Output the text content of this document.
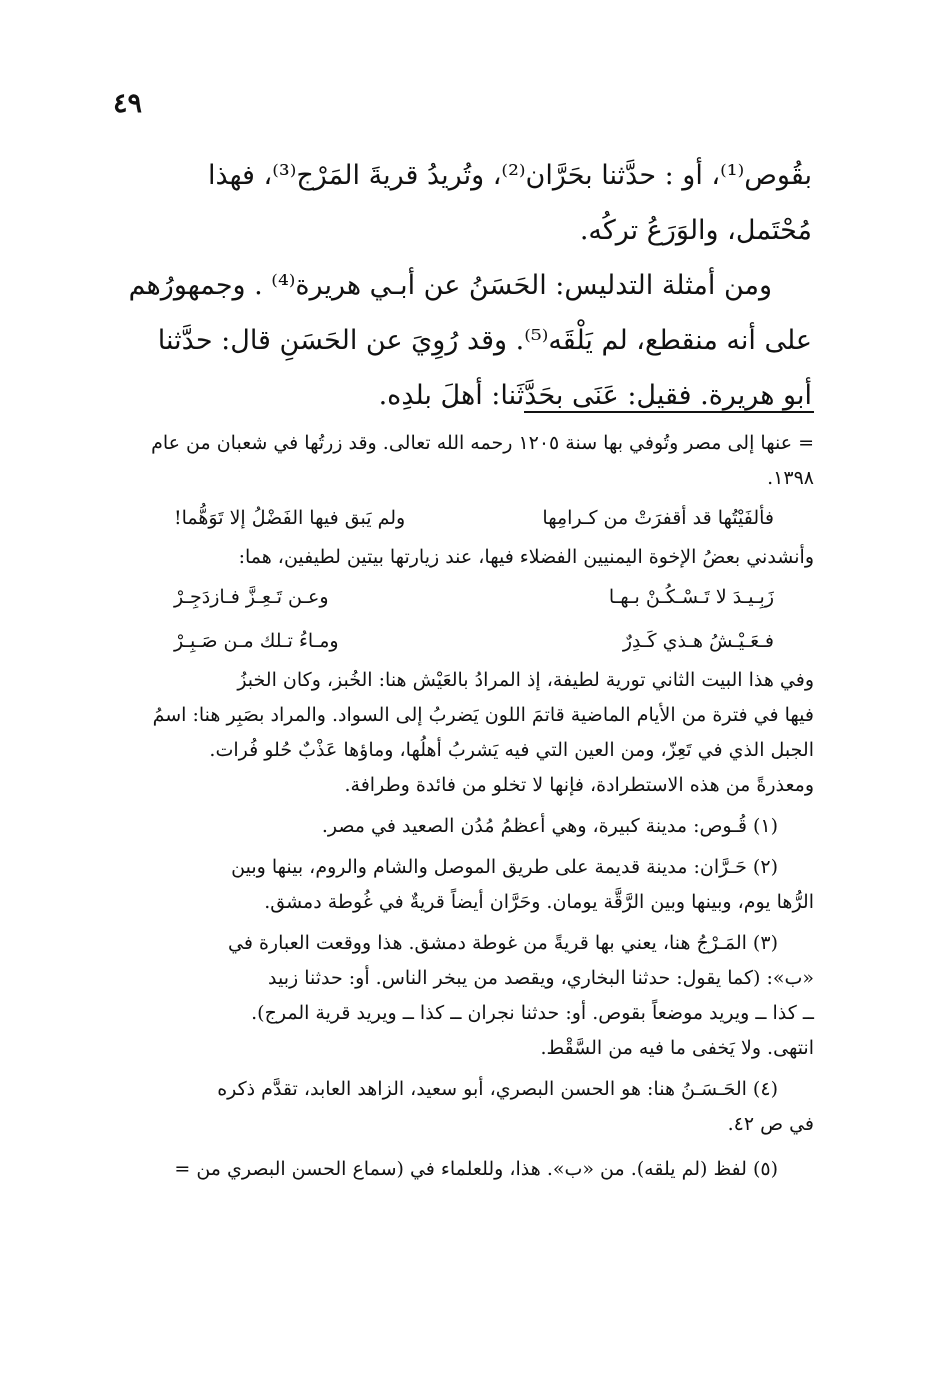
٤٩

بقُوص⁽¹⁾، أو : حدَّثنا بحَرَّان⁽²⁾، وتُريدُ قريةَ المَرْج⁽³⁾، فهذا

مُحْتَمل، والوَرَعُ تركُه.

ومن أمثلة التدليس: الحَسَنُ عن أبـي هريرة⁽⁴⁾ . وجمهورُهم

على أنه منقطع، لم يَلْقَه⁽⁵⁾. وقد رُوِيَ عن الحَسَنِ قال: حدَّثنا

أبو هريرة. فقيل: عَنَى بحَدَّثَنا: أهلَ بلدِه.

= عنها إلى مصر وتُوفي بها سنة ١٢٠٥ رحمه الله تعالى. وقد زرتُها في شعبان من عام

١٣٩٨.

فألفَيْتُها قد أقفرَتْ من كـرامِها
ولم يَبق فيها الفَضْلُ إلا تَوَهُّما!

وأنشدني بعضُ الإخوة اليمنيين الفضلاء فيها، عند زيارتها بيتين لطيفين، هما:

زَبِـيـدَ لا تَـسْـكُـنْ بـهـا
وعـن تَـعِـزَّ فـازدَجِـرْ
فـعَـيْـشُ هـذي كَـدِرٌ
ومـاءُ تـلك مـن صَـبِـرْ

وفي هذا البيت الثاني تورية لطيفة، إذ المرادُ بالعَيْش هنا: الخُبز، وكان الخبزُ

فيها في فترة من الأيام الماضية قاتمَ اللون يَضربُ إلى السواد. والمراد بصَبِر هنا: اسمُ

الجبل الذي في تَعِزّ، ومن العين التي فيه يَشربُ أهلُها، وماؤها عَذْبٌ حُلو فُرات.

ومعذرةً من هذه الاستطرادة، فإنها لا تخلو من فائدة وطرافة.

(١) قُـوص: مدينة كبيرة، وهي أعظمُ مُدُن الصعيد في مصر.

(٢) حَـرَّان: مدينة قديمة على طريق الموصل والشام والروم، بينها وبين

الرُّها يوم، وبينها وبين الرَّقَّة يومان. وحَرَّان أيضاً قريةٌ في غُوطة دمشق.

(٣) المَـرْجُ هنا، يعني بها قريةً من غوطة دمشق. هذا ووقعت العبارة في

«ب»: (كما يقول: حدثنا البخاري، ويقصد من يبخر الناس. أو: حدثنا زبيد

ــ كذا ــ ويريد موضعاً بقوص. أو: حدثنا نجران ــ كذا ــ ويريد قرية المرج).

انتهى. ولا يَخفى ما فيه من السَّقْط.

(٤) الحَـسَـنُ هنا: هو الحسن البصري، أبو سعيد، الزاهد العابد، تقدَّم ذكره

في ص ٤٢.

(٥) لفظ (لم يلقه). من «ب». هذا، وللعلماء في (سماع الحسن البصري من =
